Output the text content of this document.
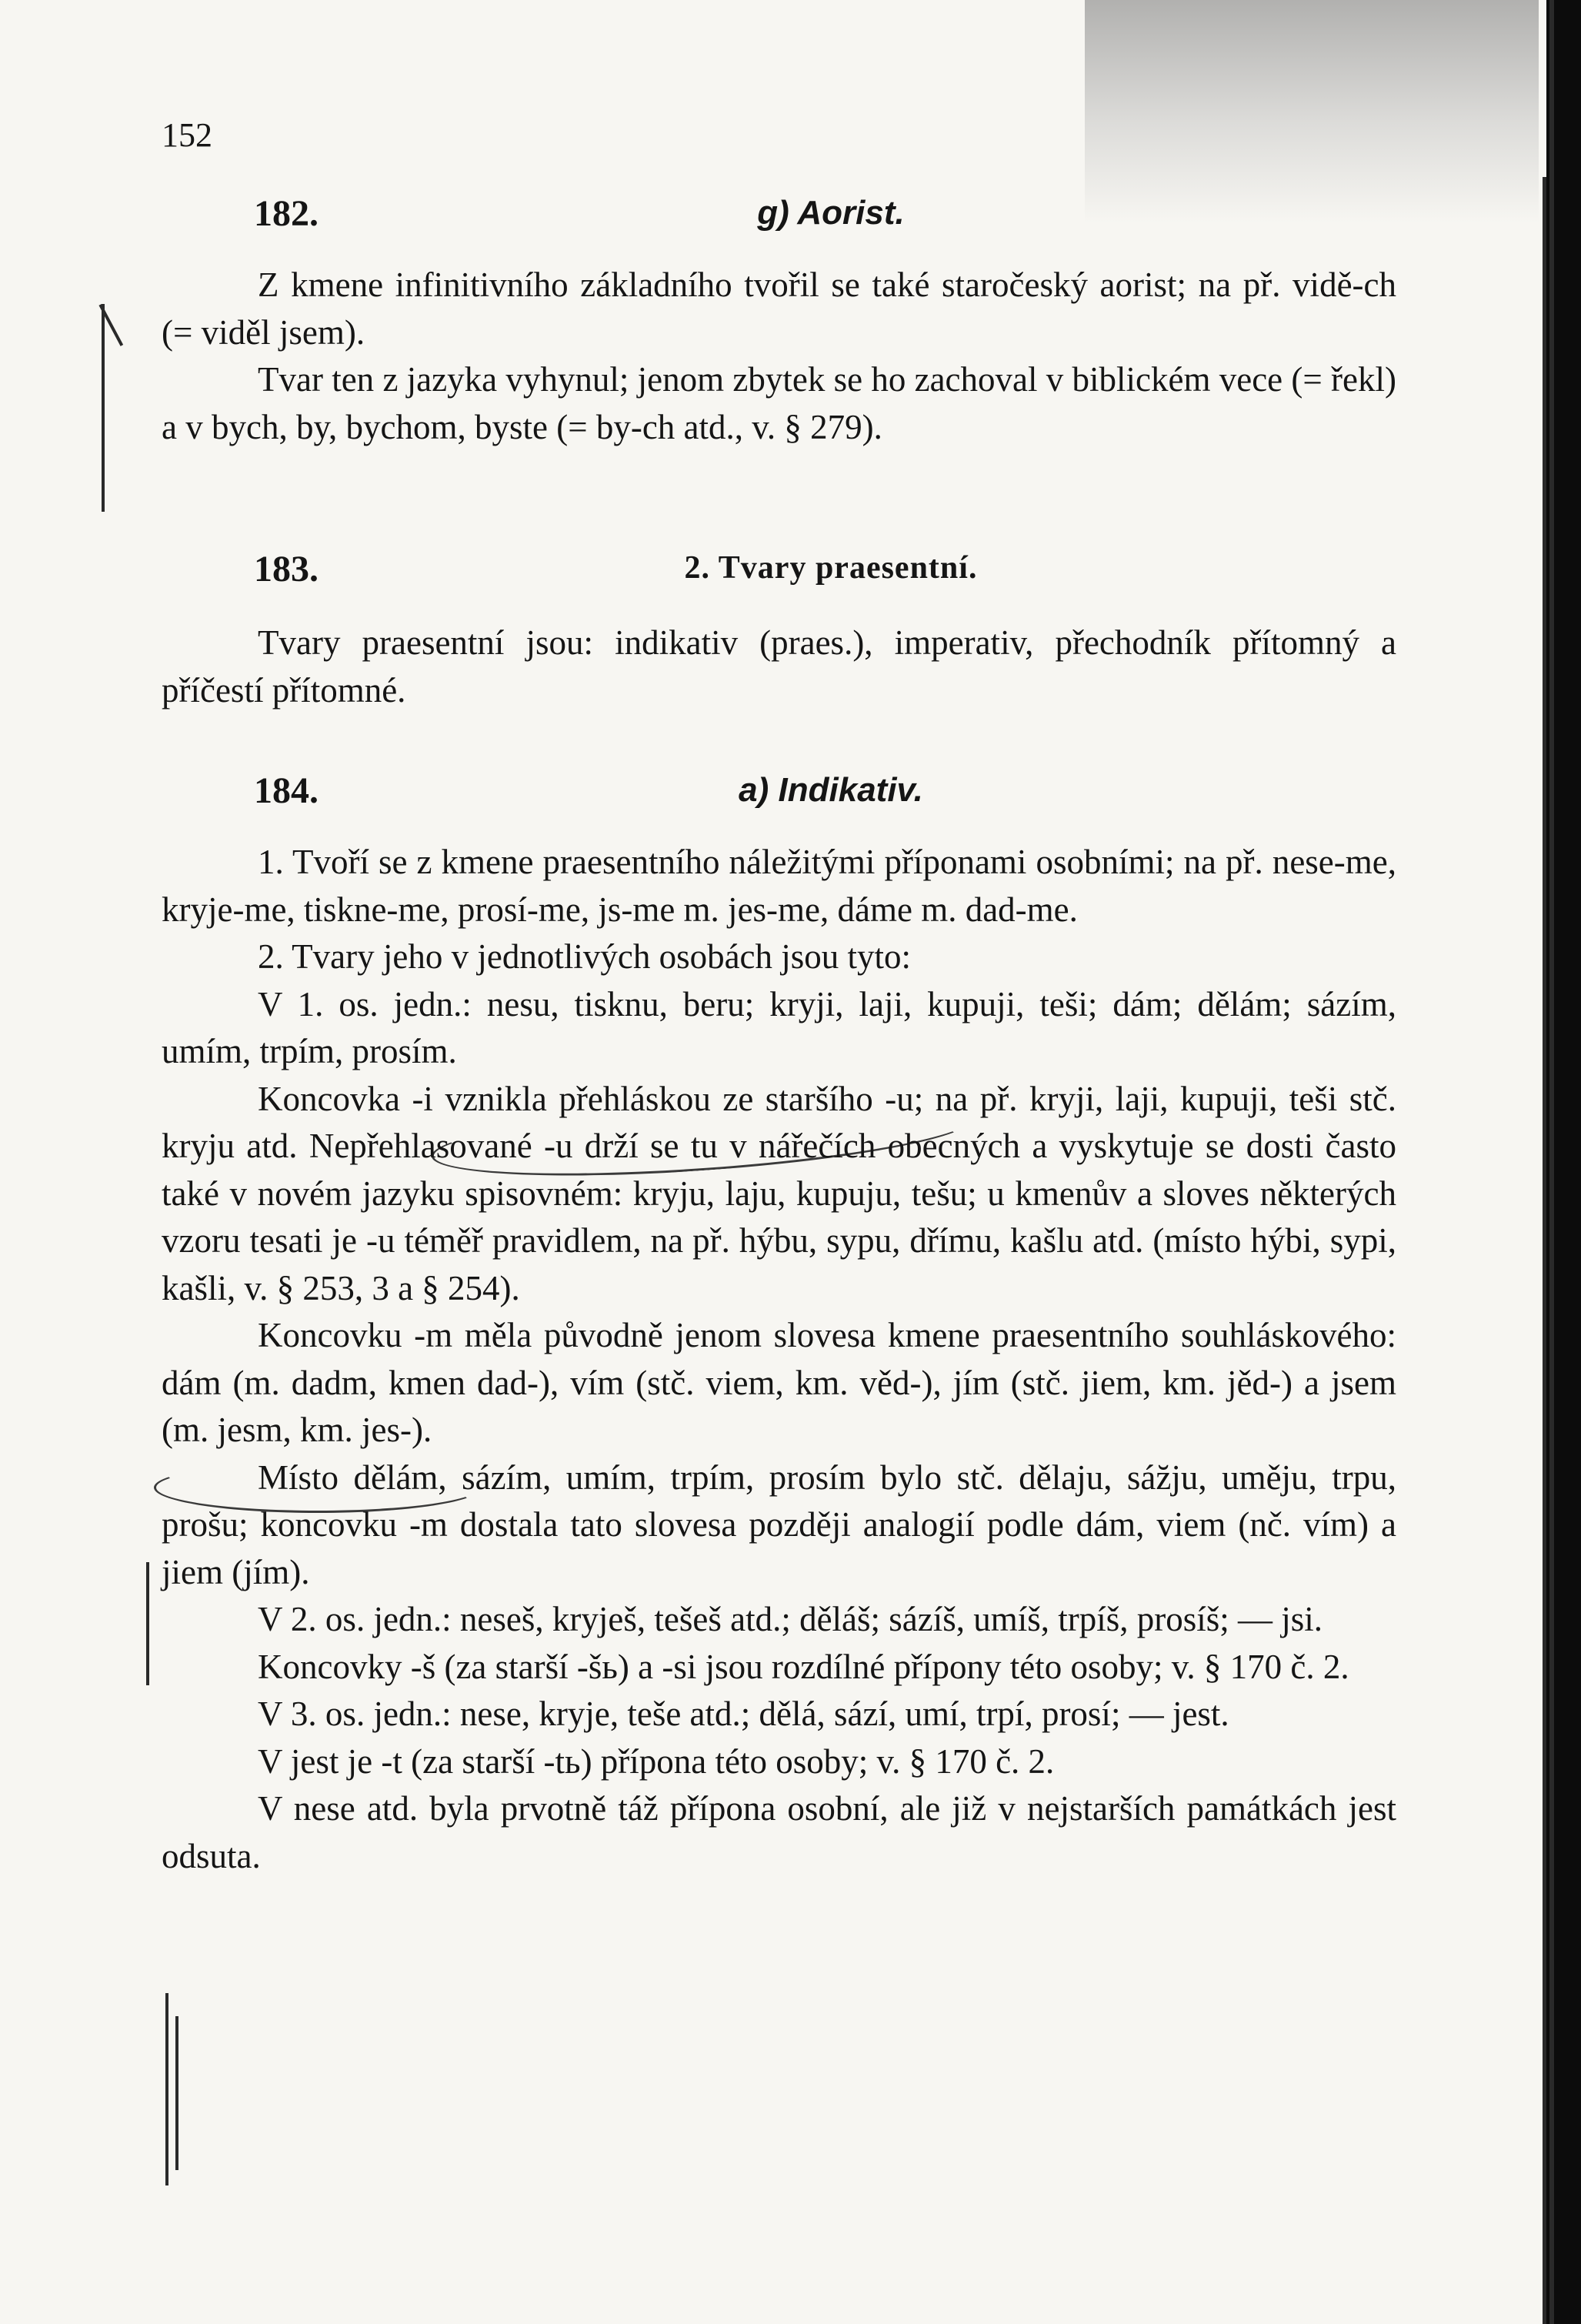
152
182.	g) Aorist.

Z kmene infinitivního základního tvořil se také staročeský aorist; na př. vidě-ch (= viděl jsem).

Tvar ten z jazyka vyhynul; jenom zbytek se ho zachoval v biblickém vece (= řekl) a v bych, by, bychom, byste (= by-ch atd., v. § 279).

183.	2. Tvary praesentní.

Tvary praesentní jsou: indikativ (praes.), imperativ, přechodník přítomný a příčestí přítomné.

184.	a) Indikativ.

1. Tvoří se z kmene praesentního náležitými příponami osobními; na př. nese-me, kryje-me, tiskne-me, prosí-me, js-me m. jes-me, dáme m. dad-me.

2. Tvary jeho v jednotlivých osobách jsou tyto:

V 1. os. jedn.: nesu, tisknu, beru; kryji, laji, kupuji, teši; dám; dělám; sázím, umím, trpím, prosím.

Koncovka -i vznikla přehláskou ze staršího -u; na př. kryji, laji, kupuji, teši stč. kryju atd. Nepřehlasované -u drží se tu v nářečích obecných a vyskytuje se dosti často také v novém jazyku spisovném: kryju, laju, kupuju, tešu; u kmenův a sloves některých vzoru tesati je -u téměř pravidlem, na př. hýbu, sypu, dřímu, kašlu atd. (místo hýbi, sypi, kašli, v. § 253, 3 a § 254).

Koncovku -m měla původně jenom slovesa kmene praesentního souhláskového: dám (m. dadm, kmen dad-), vím (stč. viem, km. věd-), jím (stč. jiem, km. jěd-) a jsem (m. jesm, km. jes-).

Místo dělám, sázím, umím, trpím, prosím bylo stč. dělaju, sáz̆ju, uměju, trpu, prošu; koncovku -m dostala tato slovesa později analogií podle dám, viem (nč. vím) a jiem (jím).

V 2. os. jedn.: neseš, kryješ, tešeš atd.; děláš; sázíš, umíš, trpíš, prosíš; — jsi.

Koncovky -š (za starší -šь) a -si jsou rozdílné přípony této osoby; v. § 170 č. 2.

V 3. os. jedn.: nese, kryje, teše atd.; dělá, sází, umí, trpí, prosí; — jest.

V jest je -t (za starší -tь) přípona této osoby; v. § 170 č. 2.

V nese atd. byla prvotně táž přípona osobní, ale již v nejstarších památkách jest odsuta.
